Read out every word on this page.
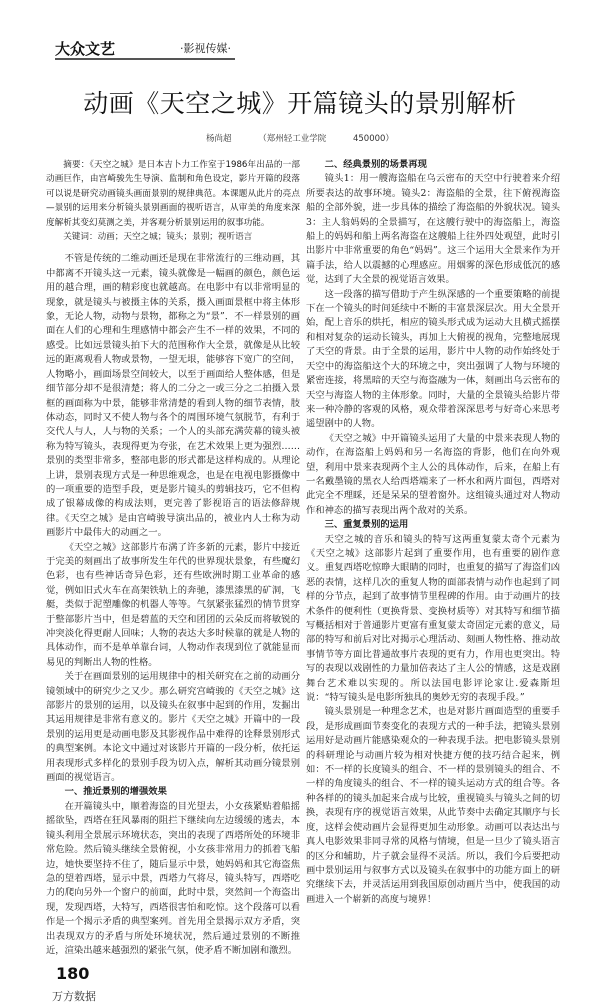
大众文艺	·影视传媒·
动画《天空之城》开篇镜头的景别解析
杨尚超	（郑州轻工业学院	450000）

摘要：《天空之城》是日本吉卜力工作室于1986年出品的一部动画巨作，由宫崎骏先生导演、监制和角色设定，影片开篇的段落可以说是研究动画镜头画面景别的规律典范。本课题从此片的亮点—景别的运用来分析镜头景别画面的视听语言，从审美的角度来深度解析其变幻莫测之美，并客观分析景别运用的叙事功能。

关键词：动画；天空之城；镜头；景别；视听语言

不管是传统的二维动画还是现在非常流行的三维动画，其中都离不开镜头这一元素，镜头就像是一幅画的颜色，颜色运用的越合理，画的精彩度也就越高。在电影中有以非常明显的现象，就是镜头与被摄主体的关系，摄入画面景框中将主体形象，无论人物，动物与景物，都称之为“景”．不一样景别的画面在人们的心理和生理感情中都会产生不一样的效果，不同的感受。比如远景镜头拍下大的范围称作大全景，就像是从比较远的距离观看人物或景物，一望无垠，能够容下宽广的空间，人物略小，画面场景空间较大，以至于画面给人整体感，但是细节部分却不是很清楚；将人的二分之一或三分之二拍摄入景框的画面称为中景，能够非常清楚的看到人物的细节表情，肢体动态，同时又不使人物与各个的周围环境气氛脱节，有利于交代人与人，人与物的关系；一个人的头部充满荧幕的镜头被称为特写镜头，表现得更为夸张，在艺术效果上更为强烈……景别的类型非常多，整部电影的形式都是这样构成的。从理论上讲，景别表现方式是一种思维观念，也是在电视电影摄像中的一项重要的造型手段，更是影片镜头的剪辑技巧，它不但构成了银幕成像的构成法则，更完善了影视语言的语法修辞规律。《天空之城》是由宫崎骏导演出品的，被业内人士称为动画影片中最伟大的动画之一。

《天空之城》这部影片布满了许多新的元素，影片中接近于完美的刻画出了故事所发生年代的世界现状景象，有些魔幻色彩，也有些神话奇异色彩，还有些欧洲时期工业革命的感觉，例如旧式火车在高架铁轨上的奔驰，漆黑漆黑的矿洞，飞艇，类似于泥塑雕像的机器人等等。气氛紧张猛烈的情节贯穿于整部影片当中，但是碧蓝的天空和团团的云朵反而将敏锐的冲突淡化得更耐人回味；人物的表达大多时候靠的就是人物的具体动作，而不是单单靠台词，人物动作表现到位了就能显而易见的判断出人物的性格。

关于在画面景别的运用规律中的相关研究在之前的动画分镜领域中的研究少之又少。那么研究宫崎骏的《天空之城》这部影片的景别的运用，以及镜头在叙事中起到的作用，发掘出其运用规律是非常有意义的。影片《天空之城》开篇中的一段景别的运用更是动画电影及其影视作品中难得的诠释景别形式的典型案例。本论文中通过对该影片开篇的一段分析，依托运用表现形式多样化的景别手段为切入点，解析其动画分镜景别画面的视觉语言。

一、推近景别的增强效果

在开篇镜头中，顺着海盗的目光望去，小女孩紧贴着船摇摇欲坠，西塔在狂风暴雨的阻拦下继续向左边缓缓的逃去，本镜头利用全景展示环境状态，突出的表现了西塔所处的环境非常危险。然后镜头继续全景俯视，小女孩非常用力的抓着飞船边，她快要坚持不住了，随后显示中景，她妈妈和其它海盗焦急的望着西塔，显示中景，西塔力气将尽，镜头特写，西塔吃力的爬向另外一个窗户的前面，此时中景，突然间一个海盗出现，发现西塔，大特写，西塔很害怕和吃惊。这个段落可以看作是一个揭示矛盾的典型案列。首先用全景揭示双方矛盾，突出表现双方的矛盾与所处环境状况，然后通过景别的不断推近，渲染出越来越强烈的紧张气氛，使矛盾不断加剧和激烈。

二、经典景别的场景再现

镜头1：用一艘海盗船在乌云密布的天空中行驶着来介绍所要表达的故事环境。镜头2：海盗船的全景，往下俯视海盗船的全部外貌，进一步具体的描绘了海盗船的外貌状况。镜头3：主人翁妈妈的全景描写，在这艘行驶中的海盗船上，海盗船上的妈妈和船上两名海盗在这艘船上往外四处观望，此时引出影片中非常重要的角色“妈妈”。这三个运用大全景来作为开篇手法，给人以震撼的心理感应。用烟雾的深色形成低沉的感觉，达到了大全景的视觉语言效果。

这一段落的描写借助于产生纵深感的一个重要策略的前提下在一个镜头的时间延续中不断的丰富景深层次。用大全景开始，配上音乐的烘托，相应的镜头形式成为运动大且横式摇摆和相对复杂的运动长镜头，再加上大俯视的视角，完整地展现了天空的背景。由于全景的运用，影片中人物的动作始终处于天空中的海盗船这个大的环境之中，突出强调了人物与环境的紧密连接，将黑暗的天空与海盗融为一体，刻画出乌云密布的天空与海盗人物的主体形象。同时，大量的全景镜头给影片带来一种冷静的客观的风格，观众带着深深思考与好奇心来思考遥望剧中的人物。

《天空之城》中开篇镜头运用了大量的中景来表现人物的动作，在海盗船上妈妈和另一名海盗的背影，他们在向外观望，利用中景来表现两个主人公的具体动作，后来，在船上有一名戴墨镜的黑衣人给西塔端来了一杯水和两片面包，西塔对此完全不理睬，还是呆呆的望着窗外。这组镜头通过对人物动作和神态的描写表现出两个敌对的关系。

三、重复景别的运用

天空之城的音乐和镜头的特写这两重复蒙太奇个元素为《天空之城》这部影片起到了重要作用，也有重要的剧作意义。重复西塔吃惊睁大眼睛的同时，也重复的描写了海盗们凶恶的表情，这样几次的重复人物的面部表情与动作也起到了同样的分节点，起到了故事情节里程碑的作用。由于动画片的技术条件的便利性（更换背景、变换材质等）对其特写和细节描写概括相对于普通影片更富有重复蒙太奇固定元素的意义，局部的特写和前后对比对揭示心理活动、刻画人物性格、推动故事情节等方面比普通故事片表现的更有力，作用也更突出。特写的表现以戏剧性的力量加倍表达了主人公的情感，这是戏剧舞台艺术难以实现的。所以法国电影评论家让.爱森斯坦说：“特写镜头是电影所独具的奥妙无穷的表现手段。”

镜头景别是一种理念艺术，也是对影片画面造型的重要手段，是形成画面节奏变化的表现方式的一种手法，把镜头景别运用好是动画片能感染观众的一种表现手法。把电影镜头景别的科研理论与动画片较为相对快捷方便的技巧结合起来，例如：不一样的长度镜头的组合、不一样的景别镜头的组合、不一样的角度镜头的组合、不一样的镜头运动方式的组合等。各种各样的的镜头加起来合成与比较，重视镜头与镜头之间的切换，表现有序的视觉语言效果，从此节奏中去确定其顺序与长度，这样会使动画片会显得更加生动形象。动画可以表达出与真人电影效果非同寻常的风格与情境，但是一旦少了镜头语言的区分和辅助，片子就会显得不灵活。所以，我们今后要把动画中景别运用与叙事方式以及镜头在叙事中的功能方面上的研究继续下去，并灵活运用到我国原创动画片当中，使我国的动画进入一个崭新的高度与境界！

180
万方数据
